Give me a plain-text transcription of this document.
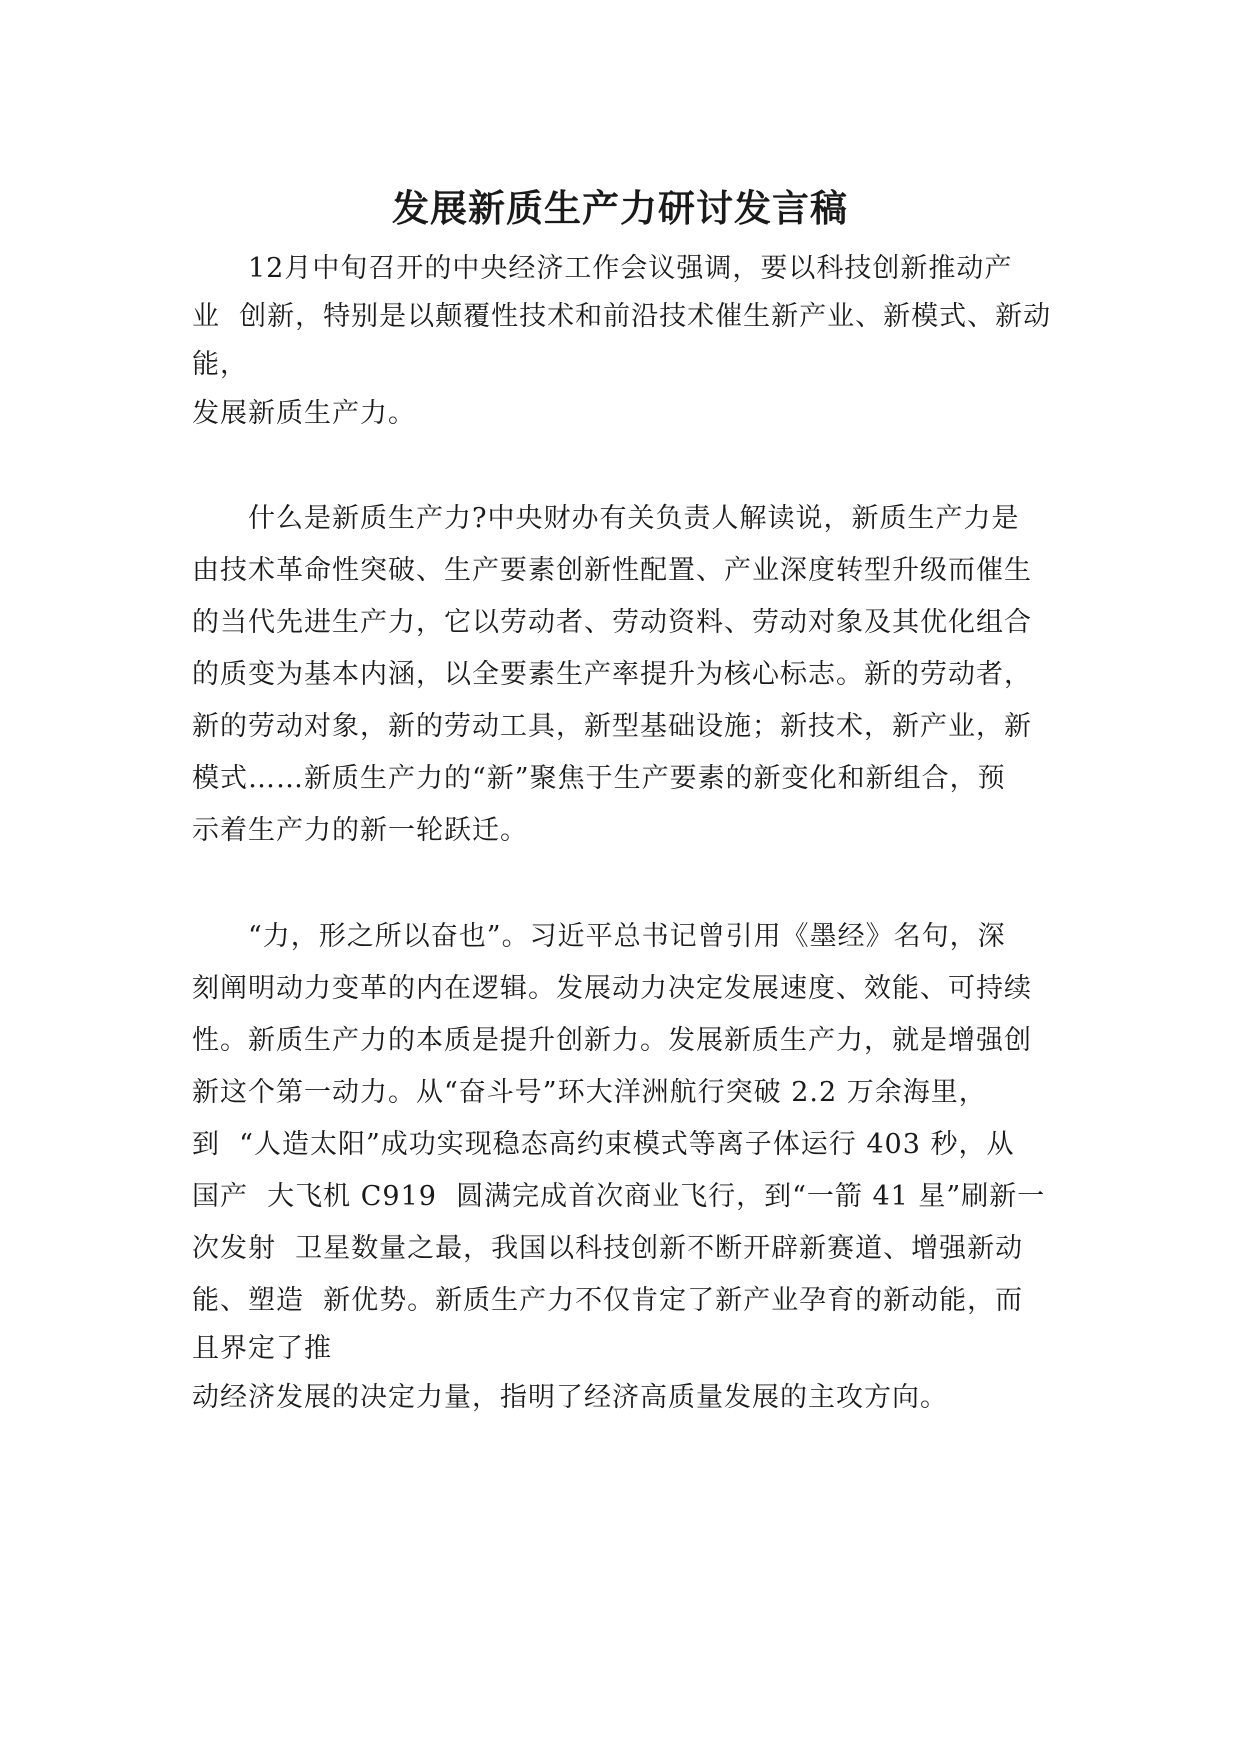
发展新质生产力研讨发言稿
　　12月中旬召开的中央经济工作会议强调，要以科技创新推动产
业  创新，特别是以颠覆性技术和前沿技术催生新产业、新模式、新动
能，
发展新质生产力。
　　什么是新质生产力?中央财办有关负责人解读说，新质生产力是
由技术革命性突破、生产要素创新性配置、产业深度转型升级而催生
的当代先进生产力，它以劳动者、劳动资料、劳动对象及其优化组合
的质变为基本内涵，以全要素生产率提升为核心标志。新的劳动者，
新的劳动对象，新的劳动工具，新型基础设施；新技术，新产业，新
模式……新质生产力的“新”聚焦于生产要素的新变化和新组合，预
示着生产力的新一轮跃迁。
　　“力，形之所以奋也”。习近平总书记曾引用《墨经》名句，深
刻阐明动力变革的内在逻辑。发展动力决定发展速度、效能、可持续
性。新质生产力的本质是提升创新力。发展新质生产力，就是增强创
新这个第一动力。从“奋斗号”环大洋洲航行突破 2.2 万余海里，
到  “人造太阳”成功实现稳态高约束模式等离子体运行 403 秒，从
国产  大飞机 C919  圆满完成首次商业飞行，到“一箭 41 星”刷新一
次发射  卫星数量之最，我国以科技创新不断开辟新赛道、增强新动
能、塑造  新优势。新质生产力不仅肯定了新产业孕育的新动能，而
且界定了推
动经济发展的决定力量，指明了经济高质量发展的主攻方向。
